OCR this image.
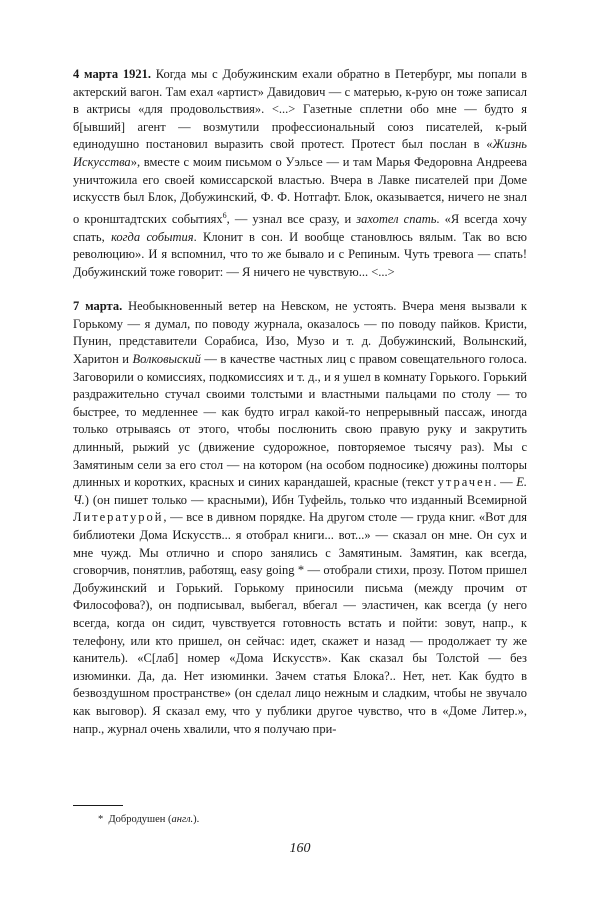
4 марта 1921. Когда мы с Добужинским ехали обратно в Петербург, мы попали в актерский вагон. Там ехал «артист» Давидович — с матерью, к-рую он тоже записал в актрисы «для продовольствия». <...> Газетные сплетни обо мне — будто я б[ывший] агент — возмутили профессиональный союз писателей, к-рый единодушно постановил выразить свой протест. Протест был послан в «Жизнь Искусства», вместе с моим письмом о Уэльсе — и там Марья Федоровна Андреева уничтожила его своей комиссарской властью. Вчера в Лавке писателей при Доме искусств был Блок, Добужинский, Ф. Ф. Нотгафт. Блок, оказывается, ничего не знал о кронштадтских событиях$^6$, — узнал все сразу, и захотел спать. «Я всегда хочу спать, когда события. Клонит в сон. И вообще становлюсь вялым. Так во всю революцию». И я вспомнил, что то же бывало и с Репиным. Чуть тревога — спать! Добужинский тоже говорит: — Я ничего не чувствую... <...>

7 марта. Необыкновенный ветер на Невском, не устоять. Вчера меня вызвали к Горькому — я думал, по поводу журнала, оказалось — по поводу пайков. Кристи, Пунин, представители Сорабиса, Изо, Музо и т. д. Добужинский, Волынский, Харитон и Волковыский — в качестве частных лиц с правом совещательного голоса. Заговорили о комиссиях, подкомиссиях и т. д., и я ушел в комнату Горького. Горький раздражительно стучал своими толстыми и властными пальцами по столу — то быстрее, то медленнее — как будто играл какой-то непрерывный пассаж, иногда только отрываясь от этого, чтобы послюнить свою правую руку и закрутить длинный, рыжий ус (движение судорожное, повторяемое тысячу раз). Мы с Замятиным сели за его стол — на котором (на особом подносике) дюжины полторы длинных и коротких, красных и синих карандашей, красные (текст утрачен. — Е. Ч.) (он пишет только — красными), Ибн Туфейль, только что изданный Всемирной Литературой, — все в дивном порядке. На другом столе — груда книг. «Вот для библиотеки Дома Искусств... я отобрал книги... вот...» — сказал он мне. Он сух и мне чужд. Мы отлично и споро занялись с Замятиным. Замятин, как всегда, сговорчив, понятлив, работящ, easy going * — отобрали стихи, прозу. Потом пришел Добужинский и Горький. Горькому приносили письма (между прочим от Философова?), он подписывал, выбегал, вбегал — эластичен, как всегда (у него всегда, когда он сидит, чувствуется готовность встать и пойти: зовут, напр., к телефону, или кто пришел, он сейчас: идет, скажет и назад — продолжает ту же канитель). «С[лаб] номер «Дома Искусств». Как сказал бы Толстой — без изюминки. Да, да. Нет изюминки. Зачем статья Блока?.. Нет, нет. Как будто в безвоздушном пространстве» (он сделал лицо нежным и сладким, чтобы не звучало как выговор). Я сказал ему, что у публики другое чувство, что в «Доме Литер.», напр., журнал очень хвалили, что я получаю при-

* Добродушен (англ.).
160
